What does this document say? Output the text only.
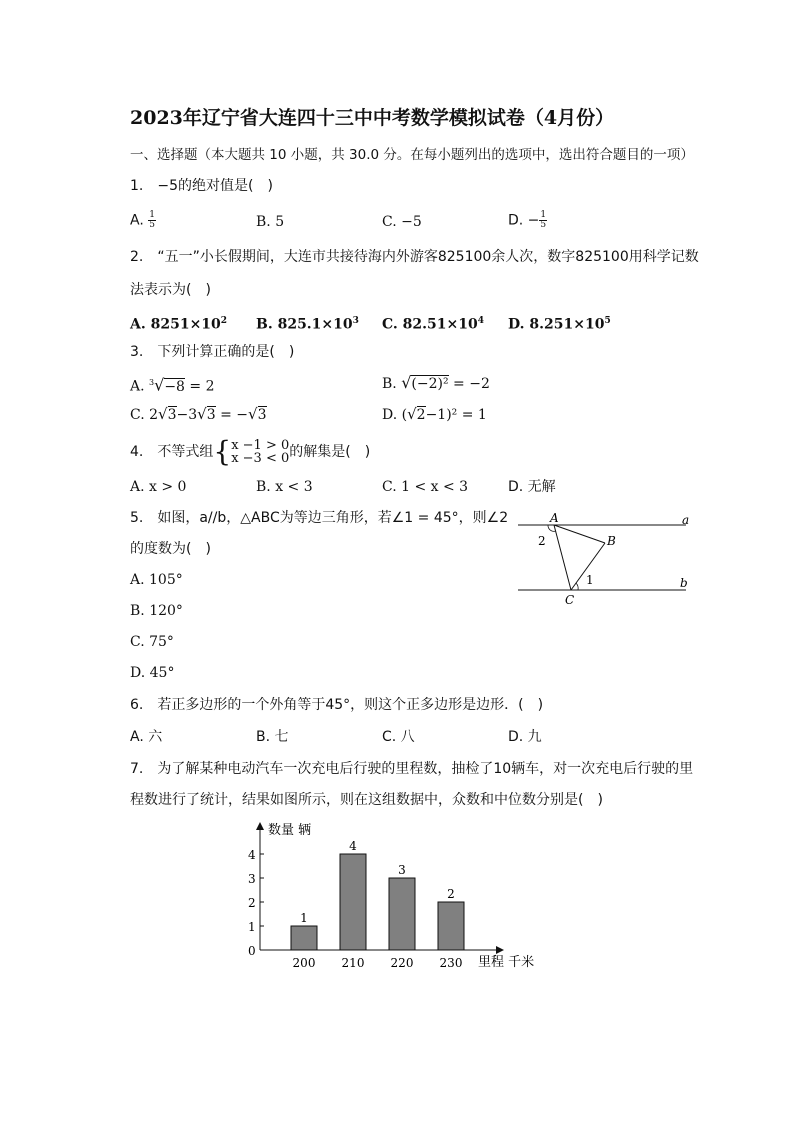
2023年辽宁省大连四十三中中考数学模拟试卷（4月份）
一、选择题（本大题共 10 小题，共 30.0 分。在每小题列出的选项中，选出符合题目的一项）
1.　−5的绝对值是(　)
A. $\frac{1}{5}$	B. 5	C. −5	D. − $\frac{1}{5}$
2.　“五一”小长假期间，大连市共接待海内外游客825100余人次，数字825100用科学记数
法表示为(　)
A. $8251\times 10^2$ B. $825.1\times 10^3$ C. $82.51\times 10^4$ D. $8.251\times 10^5$
3.　下列计算正确的是(　)
A. $^3$√−8 = 2	B. √(−2)² = −2
C. 2√3−3√3 = −√3	D. (√2−1)² = 1
4.　不等式组{ x −1 > 0
x −3 < 0 的解集是(　)
A. x > 0	B. x < 3	C. 1 < x < 3	D. 无解
5.　如图，a//b，△ABC为等边三角形，若∠1 = 45°，则∠2
的度数为(　)
A. 105°
B. 120°
C. 75°
D. 45°
A
B
C
a
b
1
2
6.　若正多边形的一个外角等于45°，则这个正多边形是边形．(　)
A. 六	B. 七	C. 八	D. 九
7.　为了解某种电动汽车一次充电后行驶的里程数，抽检了10辆车，对一次充电后行驶的里
程数进行了统计，结果如图所示，则在这组数据中，众数和中位数分别是(　)
数量 辆
里程 千米
0
1
2
3
4
1
200
4
210
3
220
2
230
